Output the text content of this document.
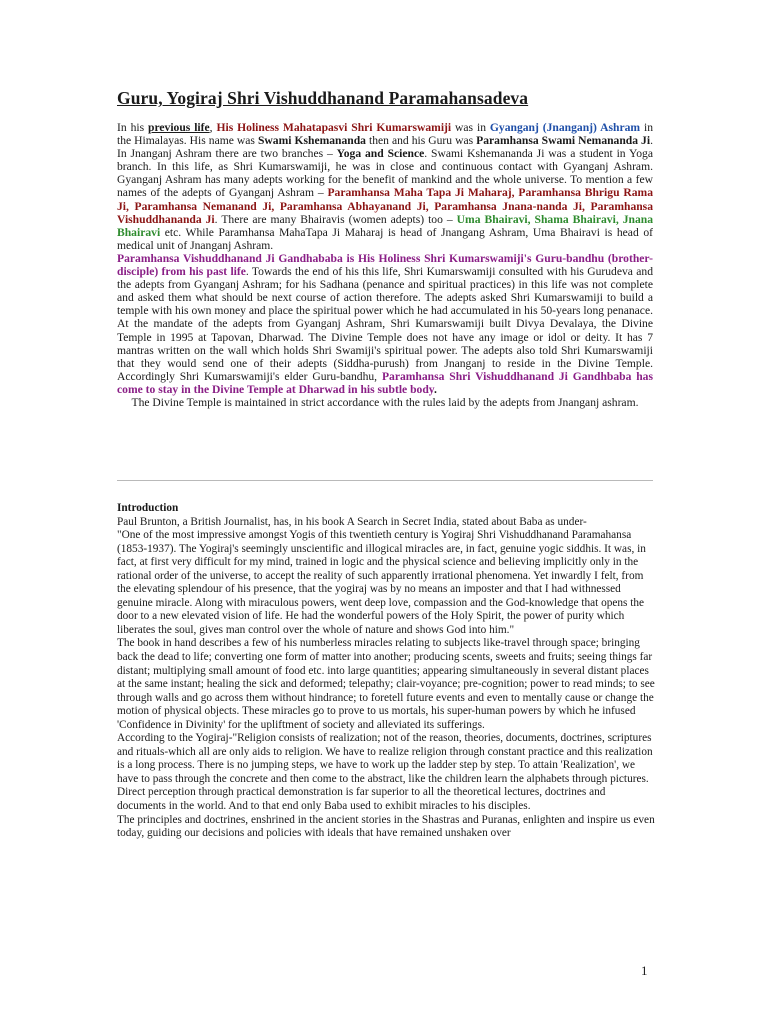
Guru, Yogiraj Shri Vishuddhanand Paramahansadeva

In his previous life, His Holiness Mahatapasvi Shri Kumarswamiji was in Gyanganj (Jnanganj) Ashram in the Himalayas. His name was Swami Kshemananda then and his Guru was Paramhansa Swami Nemananda Ji. In Jnanganj Ashram there are two branches – Yoga and Science. Swami Kshemananda Ji was a student in Yoga branch. In this life, as Shri Kumarswamiji, he was in close and continuous contact with Gyanganj Ashram. Gyanganj Ashram has many adepts working for the benefit of mankind and the whole universe. To mention a few names of the adepts of Gyanganj Ashram – Paramhansa Maha Tapa Ji Maharaj, Paramhansa Bhrigu Rama Ji, Paramhansa Nemanand Ji, Paramhansa Abhayanand Ji, Paramhansa Jnana-nanda Ji, Paramhansa Vishuddhananda Ji. There are many Bhairavis (women adepts) too – Uma Bhairavi, Shama Bhairavi, Jnana Bhairavi etc. While Paramhansa MahaTapa Ji Maharaj is head of Jnangang Ashram, Uma Bhairavi is head of medical unit of Jnanganj Ashram.

Paramhansa Vishuddhanand Ji Gandhababa is His Holiness Shri Kumarswamiji's Guru-bandhu (brother-disciple) from his past life. Towards the end of his this life, Shri Kumarswamiji consulted with his Gurudeva and the adepts from Gyanganj Ashram; for his Sadhana (penance and spiritual practices) in this life was not complete and asked them what should be next course of action therefore. The adepts asked Shri Kumarswamiji to build a temple with his own money and place the spiritual power which he had accumulated in his 50-years long penanace. At the mandate of the adepts from Gyanganj Ashram, Shri Kumarswamiji built Divya Devalaya, the Divine Temple in 1995 at Tapovan, Dharwad. The Divine Temple does not have any image or idol or deity. It has 7 mantras written on the wall which holds Shri Swamiji's spiritual power. The adepts also told Shri Kumarswamiji that they would send one of their adepts (Siddha-purush) from Jnanganj to reside in the Divine Temple. Accordingly Shri Kumarswamiji's elder Guru-bandhu, Paramhansa Shri Vishuddhanand Ji Gandhbaba has come to stay in the Divine Temple at Dharwad in his subtle body.

The Divine Temple is maintained in strict accordance with the rules laid by the adepts from Jnanganj ashram.

Introduction

Paul Brunton, a British Journalist, has, in his book A Search in Secret India, stated about Baba as under-

"One of the most impressive amongst Yogis of this twentieth century is Yogiraj Shri Vishuddhanand Paramahansa (1853-1937). The Yogiraj's seemingly unscientific and illogical miracles are, in fact, genuine yogic siddhis. It was, in fact, at first very difficult for my mind, trained in logic and the physical science and believing implicitly only in the rational order of the universe, to accept the reality of such apparently irrational phenomena. Yet inwardly I felt, from the elevating splendour of his presence, that the yogiraj was by no means an imposter and that I had withnessed genuine miracle. Along with miraculous powers, went deep love, compassion and the God-knowledge that opens the door to a new elevated vision of life. He had the wonderful powers of the Holy Spirit, the power of purity which liberates the soul, gives man control over the whole of nature and shows God into him."

The book in hand describes a few of his numberless miracles relating to subjects like-travel through space; bringing back the dead to life; converting one form of matter into another; producing scents, sweets and fruits; seeing things far distant; multiplying small amount of food etc. into large quantities; appearing simultaneously in several distant places at the same instant; healing the sick and deformed; telepathy; clair-voyance; pre-cognition; power to read minds; to see through walls and go across them without hindrance; to foretell future events and even to mentally cause or change the motion of physical objects. These miracles go to prove to us mortals, his super-human powers by which he infused 'Confidence in Divinity' for the upliftment of society and alleviated its sufferings.

According to the Yogiraj-"Religion consists of realization; not of the reason, theories, documents, doctrines, scriptures and rituals-which all are only aids to religion. We have to realize religion through constant practice and this realization is a long process. There is no jumping steps, we have to work up the ladder step by step. To attain 'Realization', we have to pass through the concrete and then come to the abstract, like the children learn the alphabets through pictures.

Direct perception through practical demonstration is far superior to all the theoretical lectures, doctrines and documents in the world. And to that end only Baba used to exhibit miracles to his disciples.

The principles and doctrines, enshrined in the ancient stories in the Shastras and Puranas, enlighten and inspire us even today, guiding our decisions and policies with ideals that have remained unshaken over

1
